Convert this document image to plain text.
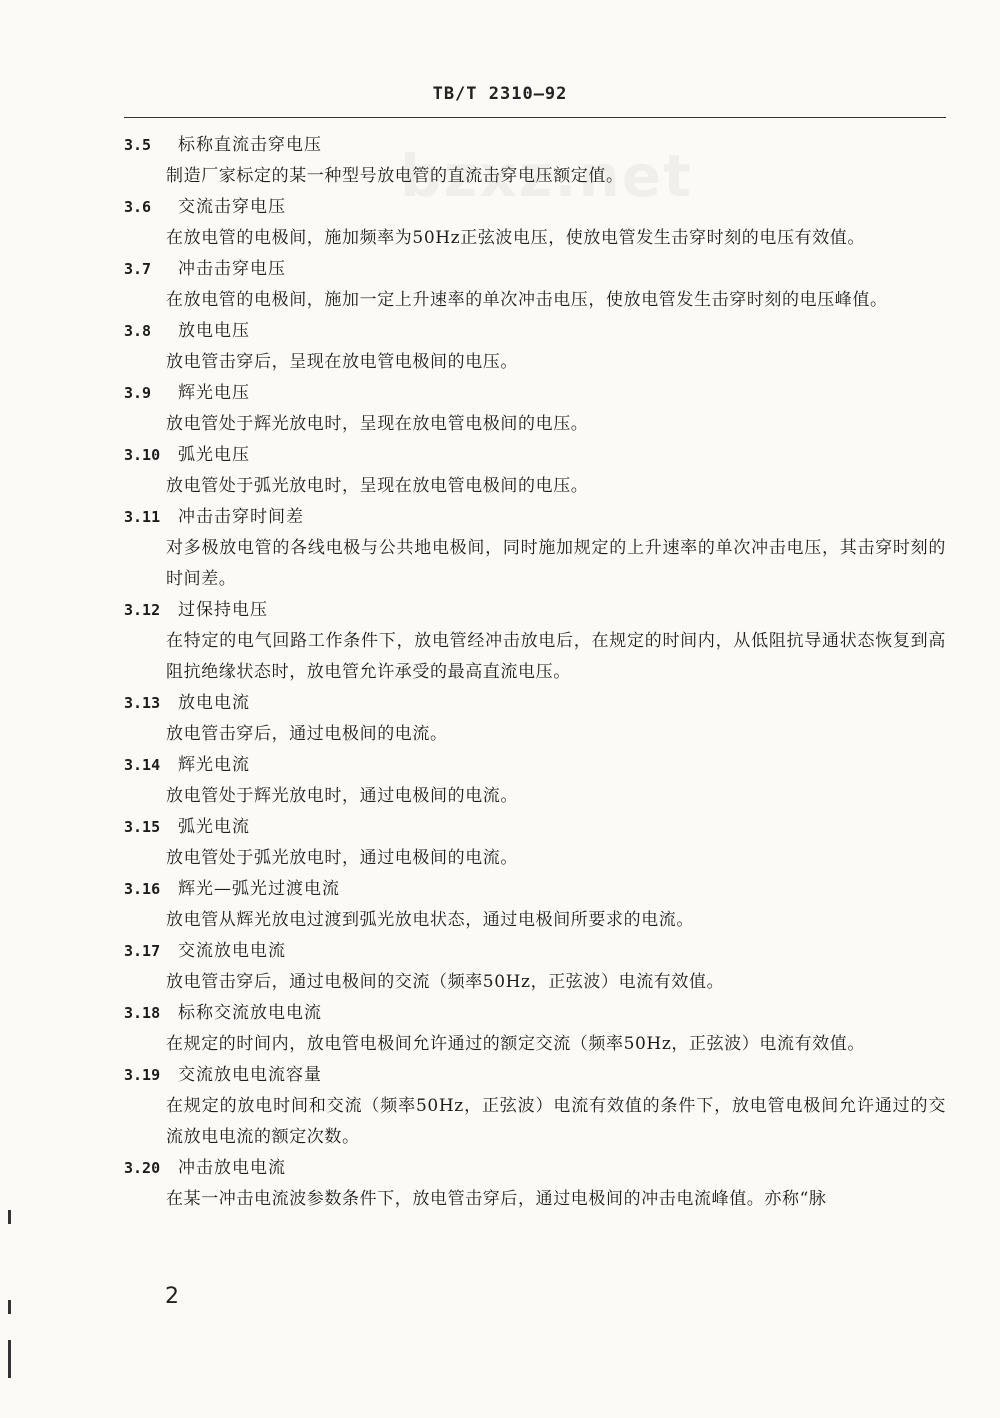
TB/T 2310—92
3.5 标称直流击穿电压

制造厂家标定的某一种型号放电管的直流击穿电压额定值。

3.6 交流击穿电压

在放电管的电极间，施加频率为50Hz正弦波电压，使放电管发生击穿时刻的电压有效值。

3.7 冲击击穿电压

在放电管的电极间，施加一定上升速率的单次冲击电压，使放电管发生击穿时刻的电压峰值。

3.8 放电电压

放电管击穿后，呈现在放电管电极间的电压。

3.9 辉光电压

放电管处于辉光放电时，呈现在放电管电极间的电压。

3.10 弧光电压

放电管处于弧光放电时，呈现在放电管电极间的电压。

3.11 冲击击穿时间差

对多极放电管的各线电极与公共地电极间，同时施加规定的上升速率的单次冲击电压，其击穿时刻的时间差。

3.12 过保持电压

在特定的电气回路工作条件下，放电管经冲击放电后，在规定的时间内，从低阻抗导通状态恢复到高阻抗绝缘状态时，放电管允许承受的最高直流电压。

3.13 放电电流

放电管击穿后，通过电极间的电流。

3.14 辉光电流

放电管处于辉光放电时，通过电极间的电流。

3.15 弧光电流

放电管处于弧光放电时，通过电极间的电流。

3.16 辉光—弧光过渡电流

放电管从辉光放电过渡到弧光放电状态，通过电极间所要求的电流。

3.17 交流放电电流

放电管击穿后，通过电极间的交流（频率50Hz，正弦波）电流有效值。

3.18 标称交流放电电流

在规定的时间内，放电管电极间允许通过的额定交流（频率50Hz，正弦波）电流有效值。

3.19 交流放电电流容量

在规定的放电时间和交流（频率50Hz，正弦波）电流有效值的条件下，放电管电极间允许通过的交流放电电流的额定次数。

3.20 冲击放电电流

在某一冲击电流波参数条件下，放电管击穿后，通过电极间的冲击电流峰值。亦称“脉

2
